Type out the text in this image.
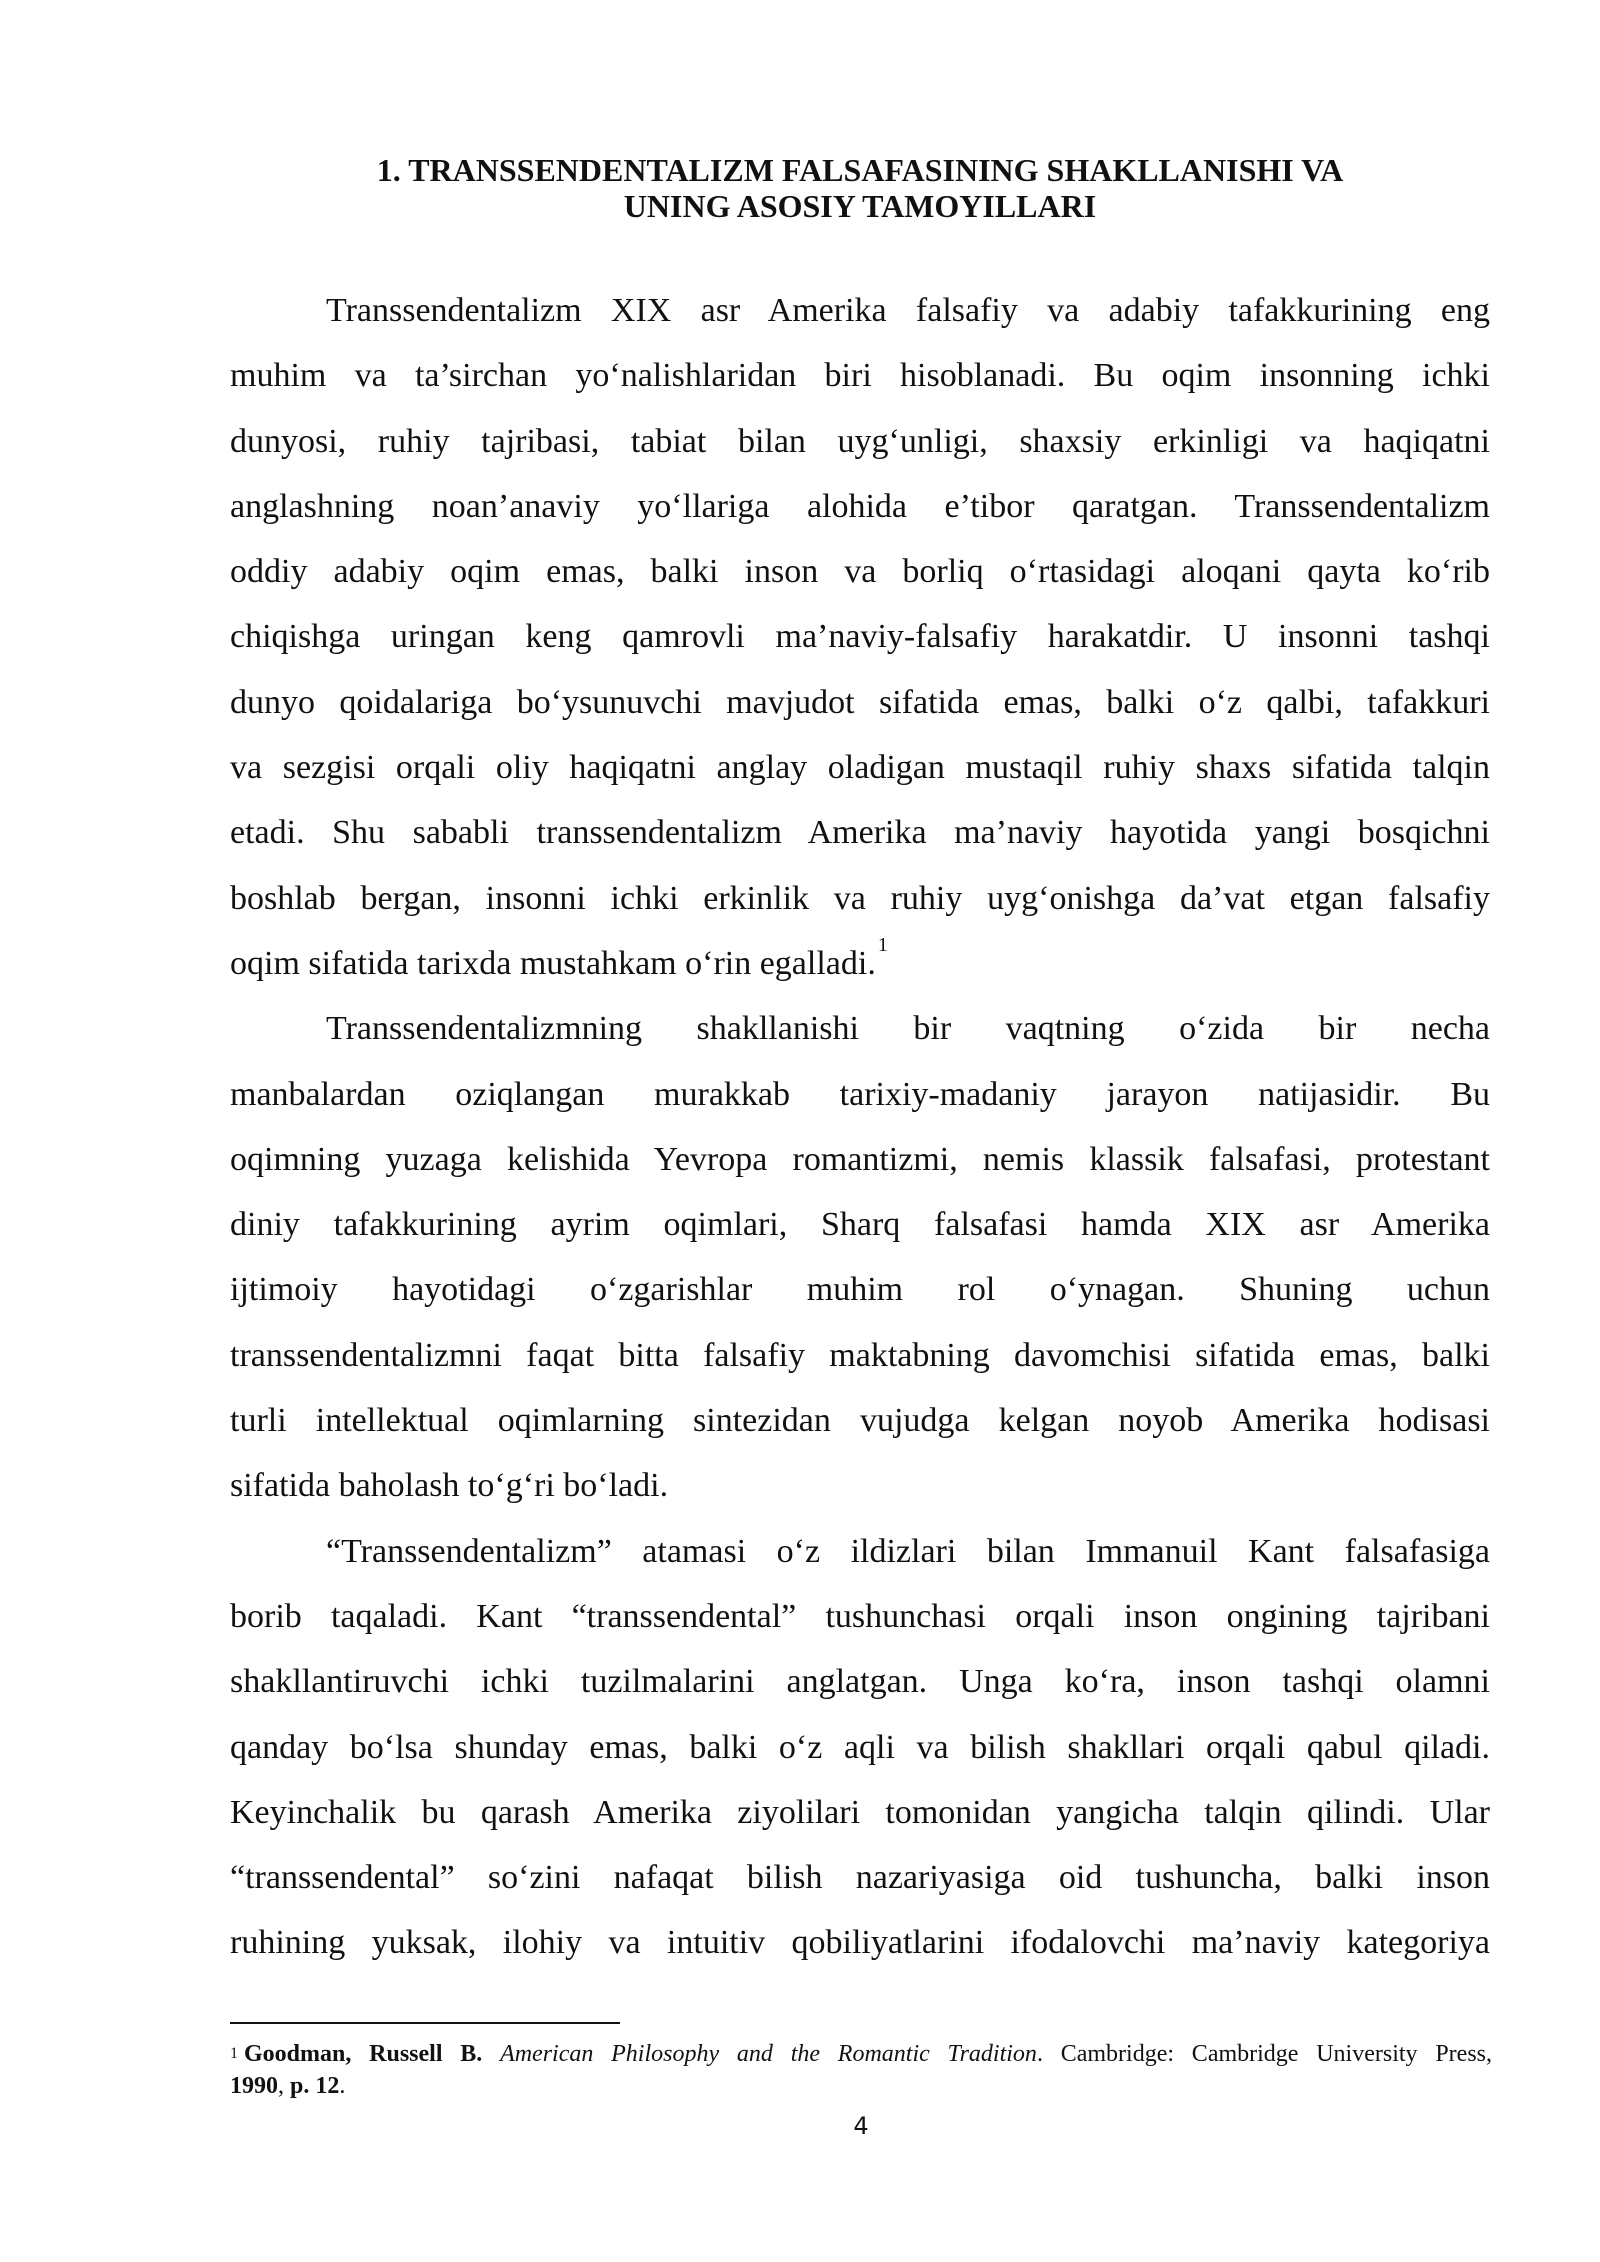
1. TRANSSENDENTALIZM FALSAFASINING SHAKLLANISHI VA
UNING ASOSIY TAMOYILLARI

Transsendentalizm XIX asr Amerika falsafiy va adabiy tafakkurining eng
muhim va ta’sirchan yo‘nalishlaridan biri hisoblanadi. Bu oqim insonning ichki
dunyosi, ruhiy tajribasi, tabiat bilan uyg‘unligi, shaxsiy erkinligi va haqiqatni
anglashning noan’anaviy yo‘llariga alohida e’tibor qaratgan. Transsendentalizm
oddiy adabiy oqim emas, balki inson va borliq o‘rtasidagi aloqani qayta ko‘rib
chiqishga uringan keng qamrovli ma’naviy-falsafiy harakatdir. U insonni tashqi
dunyo qoidalariga bo‘ysunuvchi mavjudot sifatida emas, balki o‘z qalbi, tafakkuri
va sezgisi orqali oliy haqiqatni anglay oladigan mustaqil ruhiy shaxs sifatida talqin
etadi. Shu sababli transsendentalizm Amerika ma’naviy hayotida yangi bosqichni
boshlab bergan, insonni ichki erkinlik va ruhiy uyg‘onishga da’vat etgan falsafiy
oqim sifatida tarixda mustahkam o‘rin egalladi. $^1$

Transsendentalizmning shakllanishi bir vaqtning o‘zida bir necha
manbalardan oziqlangan murakkab tarixiy-madaniy jarayon natijasidir. Bu
oqimning yuzaga kelishida Yevropa romantizmi, nemis klassik falsafasi, protestant
diniy tafakkurining ayrim oqimlari, Sharq falsafasi hamda XIX asr Amerika
ijtimoiy hayotidagi o‘zgarishlar muhim rol o‘ynagan. Shuning uchun
transsendentalizmni faqat bitta falsafiy maktabning davomchisi sifatida emas, balki
turli intellektual oqimlarning sintezidan vujudga kelgan noyob Amerika hodisasi
sifatida baholash to‘g‘ri bo‘ladi.

“Transsendentalizm” atamasi o‘z ildizlari bilan Immanuil Kant falsafasiga
borib taqaladi. Kant “transsendental” tushunchasi orqali inson ongining tajribani
shakllantiruvchi ichki tuzilmalarini anglatgan. Unga ko‘ra, inson tashqi olamni
qanday bo‘lsa shunday emas, balki o‘z aqli va bilish shakllari orqali qabul qiladi.
Keyinchalik bu qarash Amerika ziyolilari tomonidan yangicha talqin qilindi. Ular
“transsendental” so‘zini nafaqat bilish nazariyasiga oid tushuncha, balki inson
ruhining yuksak, ilohiy va intuitiv qobiliyatlarini ifodalovchi ma’naviy kategoriya

$^1$ Goodman, Russell B. American Philosophy and the Romantic Tradition. Cambridge: Cambridge University Press,
1990, p. 12.

4
